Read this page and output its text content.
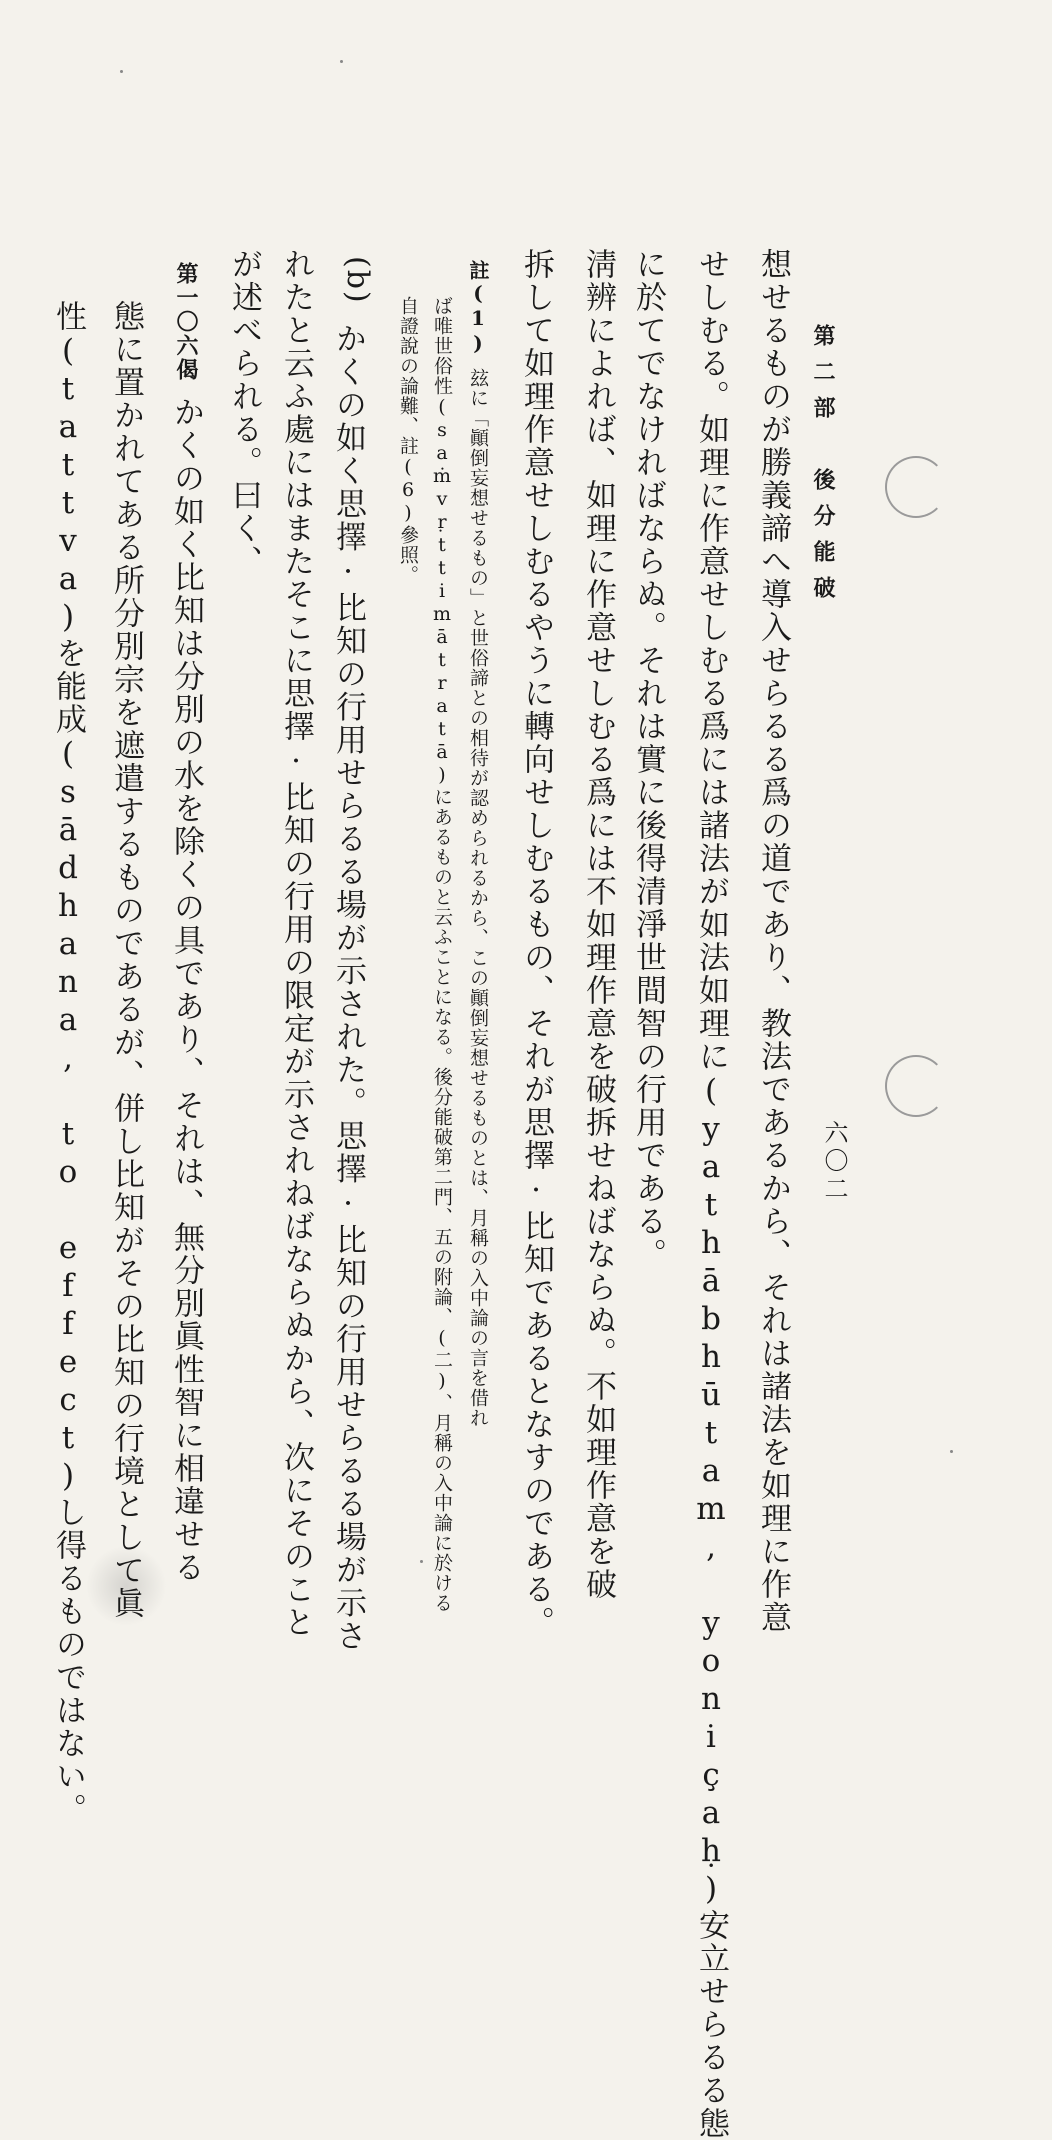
六〇二
第二部　後分能破
想せるものが勝義諦へ導入せらるる爲の道であり、教法であるから、それは諸法を如理に作意
せしむる。如理に作意せしむる爲には諸法が如法如理に(yathābhūtam, yoniçaḥ)安立せらるる態
に於てでなければならぬ。それは實に後得清淨世間智の行用である。
淸辨によれば、如理に作意せしむる爲には不如理作意を破拆せねばならぬ。不如理作意を破
拆して如理作意せしむるやうに轉向せしむるもの、それが思擇·比知であるとなすのである。
註(1)玆に「顚倒妄想せるもの」と世俗諦との相待が認められるから、この顚倒妄想せるものとは、月稱の入中論の言を借れ
ば唯世俗性(saṁvṛttimātratā)にあるものと云ふことになる。後分能破第二門、五の附論、(二)、月稱の入中論に於ける
自證說の論難、註(6)參照。
(b)かくの如く思擇·比知の行用せらるる場が示された。思擇·比知の行用せらるる場が示さ
れたと云ふ處にはまたそこに思擇·比知の行用の限定が示されねばならぬから、次にそのこと
が述べられる。曰く、
第一〇六偈かくの如く比知は分別の水を除くの具であり、それは、無分別眞性智に相違せる
態に置かれてある所分別宗を遮遣するものであるが、併し比知がその比知の行境として眞
性(tattva)を能成(sādhana, to effect)し得るものではない。
